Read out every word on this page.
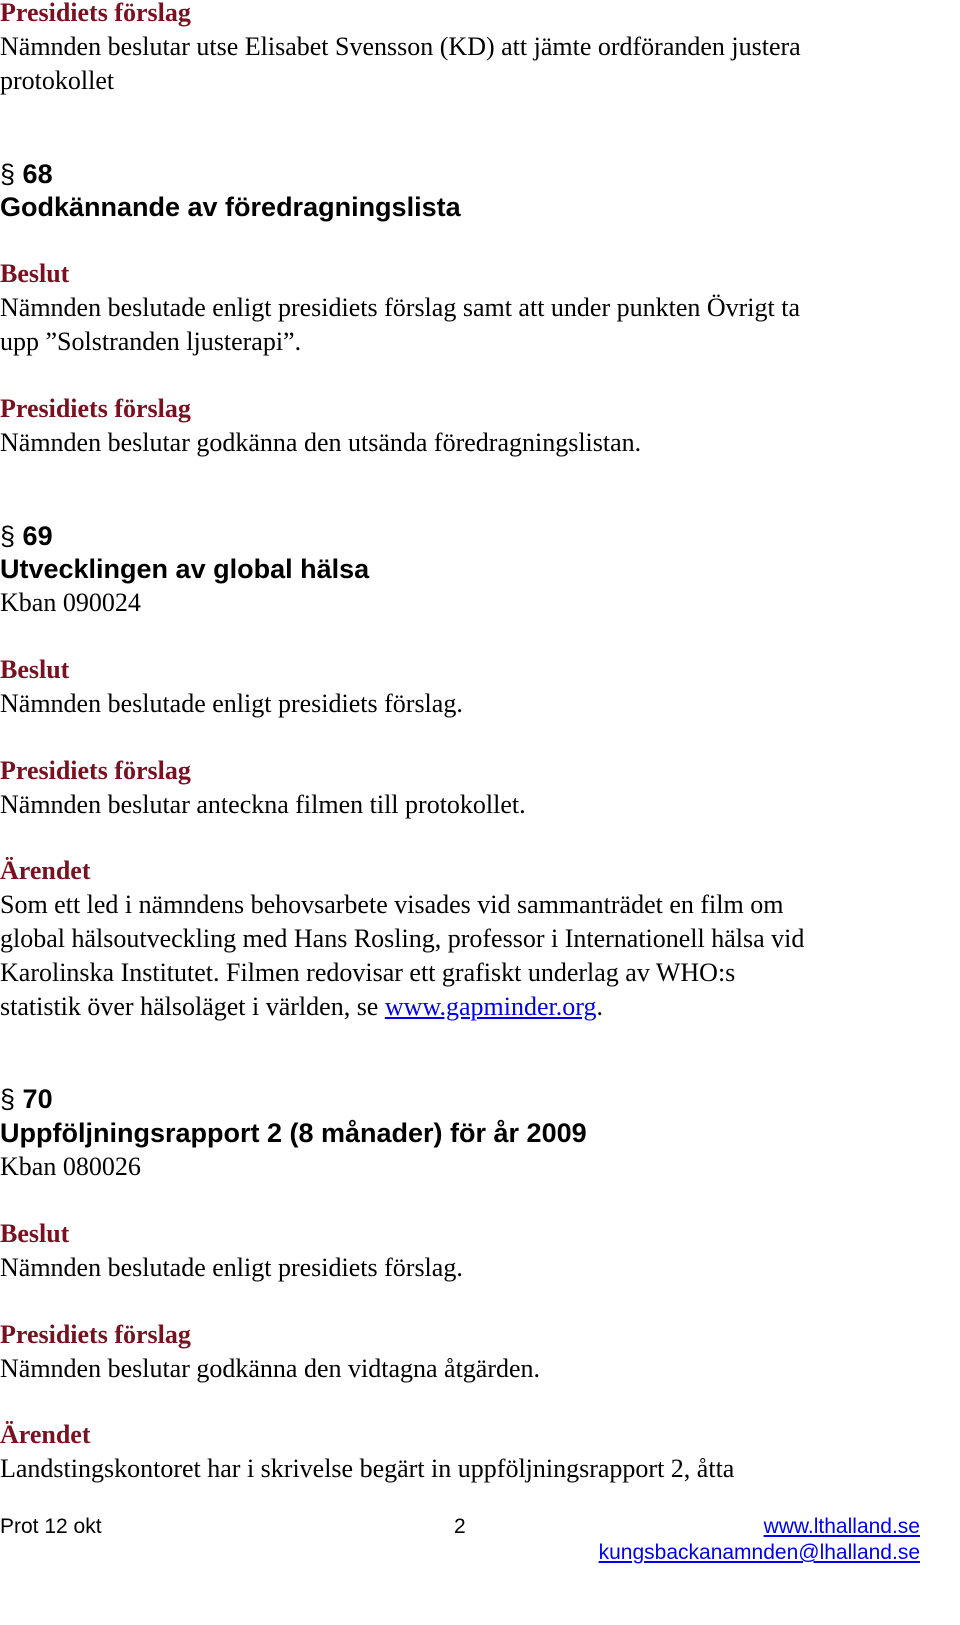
Presidiets förslag
Nämnden beslutar utse Elisabet Svensson (KD) att jämte ordföranden justera
protokollet
§ 68
Godkännande av föredragningslista
Beslut
Nämnden beslutade enligt presidiets förslag samt att under punkten Övrigt ta
upp ”Solstranden ljusterapi”.
Presidiets förslag
Nämnden beslutar godkänna den utsända föredragningslistan.
§ 69
Utvecklingen av global hälsa
Kban 090024
Beslut
Nämnden beslutade enligt presidiets förslag.
Presidiets förslag
Nämnden beslutar anteckna filmen till protokollet.
Ärendet
Som ett led i nämndens behovsarbete visades vid sammanträdet en film om
global hälsoutveckling med Hans Rosling, professor i Internationell hälsa vid
Karolinska Institutet. Filmen redovisar ett grafiskt underlag av WHO:s
statistik över hälsoläget i världen, se www.gapminder.org.
§ 70
Uppföljningsrapport 2 (8 månader) för år 2009
Kban 080026
Beslut
Nämnden beslutade enligt presidiets förslag.
Presidiets förslag
Nämnden beslutar godkänna den vidtagna åtgärden.
Ärendet
Landstingskontoret har i skrivelse begärt in uppföljningsrapport 2, åtta
Prot 12 okt	2	www.lthalland.se
kungsbackanamnden@lhalland.se
